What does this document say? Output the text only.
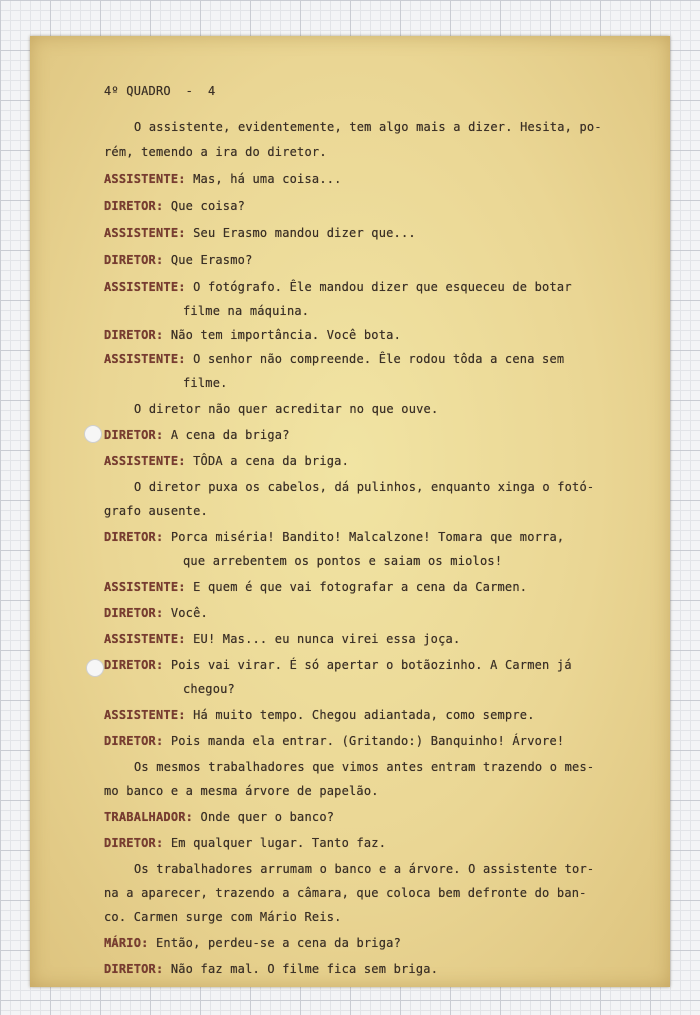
4º QUADRO  -  4

O assistente, evidentemente, tem algo mais a dizer. Hesita, po-
rém, temendo a ira do diretor.
ASSISTENTE: Mas, há uma coisa...
DIRETOR: Que coisa?
ASSISTENTE: Seu Erasmo mandou dizer que...
DIRETOR: Que Erasmo?
ASSISTENTE: O fotógrafo. Êle mandou dizer que esqueceu de botar
filme na máquina.
DIRETOR: Não tem importância. Você bota.
ASSISTENTE: O senhor não compreende. Êle rodou tôda a cena sem
filme.
O diretor não quer acreditar no que ouve.
DIRETOR: A cena da briga?
ASSISTENTE: TÔDA a cena da briga.
O diretor puxa os cabelos, dá pulinhos, enquanto xinga o fotó-
grafo ausente.
DIRETOR: Porca miséria! Bandito! Malcalzone! Tomara que morra,
que arrebentem os pontos e saiam os miolos!
ASSISTENTE: E quem é que vai fotografar a cena da Carmen.
DIRETOR: Você.
ASSISTENTE: EU! Mas... eu nunca virei essa joça.
DIRETOR: Pois vai virar. É só apertar o botãozinho. A Carmen já
chegou?
ASSISTENTE: Há muito tempo. Chegou adiantada, como sempre.
DIRETOR: Pois manda ela entrar. (Gritando:) Banquinho! Árvore!
Os mesmos trabalhadores que vimos antes entram trazendo o mes-
mo banco e a mesma árvore de papelão.
TRABALHADOR: Onde quer o banco?
DIRETOR: Em qualquer lugar. Tanto faz.
Os trabalhadores arrumam o banco e a árvore. O assistente tor-
na a aparecer, trazendo a câmara, que coloca bem defronte do ban-
co. Carmen surge com Mário Reis.
MÁRIO: Então, perdeu-se a cena da briga?
DIRETOR: Não faz mal. O filme fica sem briga.
